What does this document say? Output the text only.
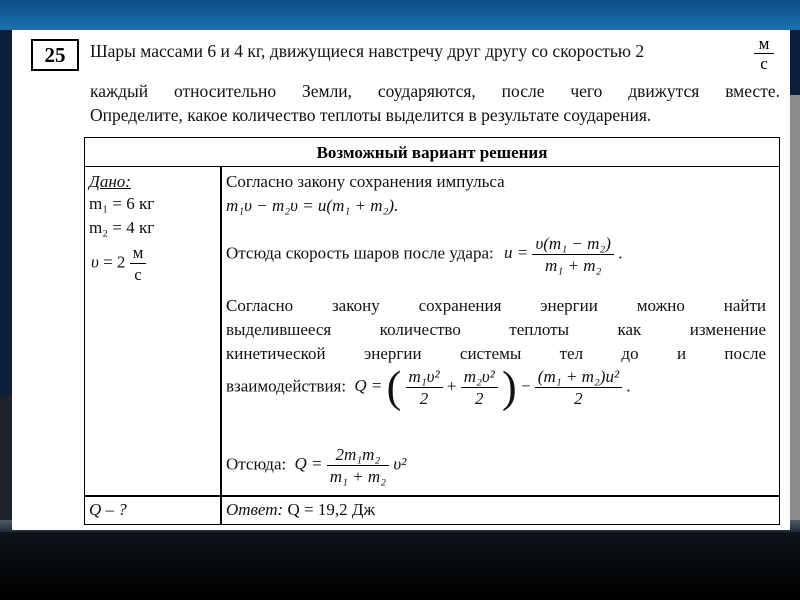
25	Шары массами 6 и 4 кг, движущиеся навстречу друг другу со скоростью 2	м
с
каждый относительно Земли, соударяются, после чего движутся вместе.
Определите, какое количество теплоты выделится в результате соударения.
Возможный вариант решения
Дано:
m₁ = 6 кг
m₂ = 4 кг
$\upsilon = 2 \frac{м}{с}$
Согласно закону сохранения импульса
m₁υ − m₂υ = u(m₁ + m₂).
Отсюда скорость шаров после удара: $u = \frac{\text{υ(m₁ − m₂)}}{\text{m₁ + m₂}}$ .
Согласно закону сохранения энергии можно найти
выделившееся количество теплоты как изменение
кинетической энергии системы тел до и после
взаимодействия: Q = ( $\frac{\text{m₁υ²}}{2} + \frac{\text{m₂υ²}}{2}$ ) − $\frac{\text{(m₁ + m₂)u²}}{2}$ .
Отсюда: $Q = \frac{\text{2m₁m₂}}{\text{m₁ + m₂}} \upsilon^2$
Q – ?	Ответ: Q = 19,2 Дж
